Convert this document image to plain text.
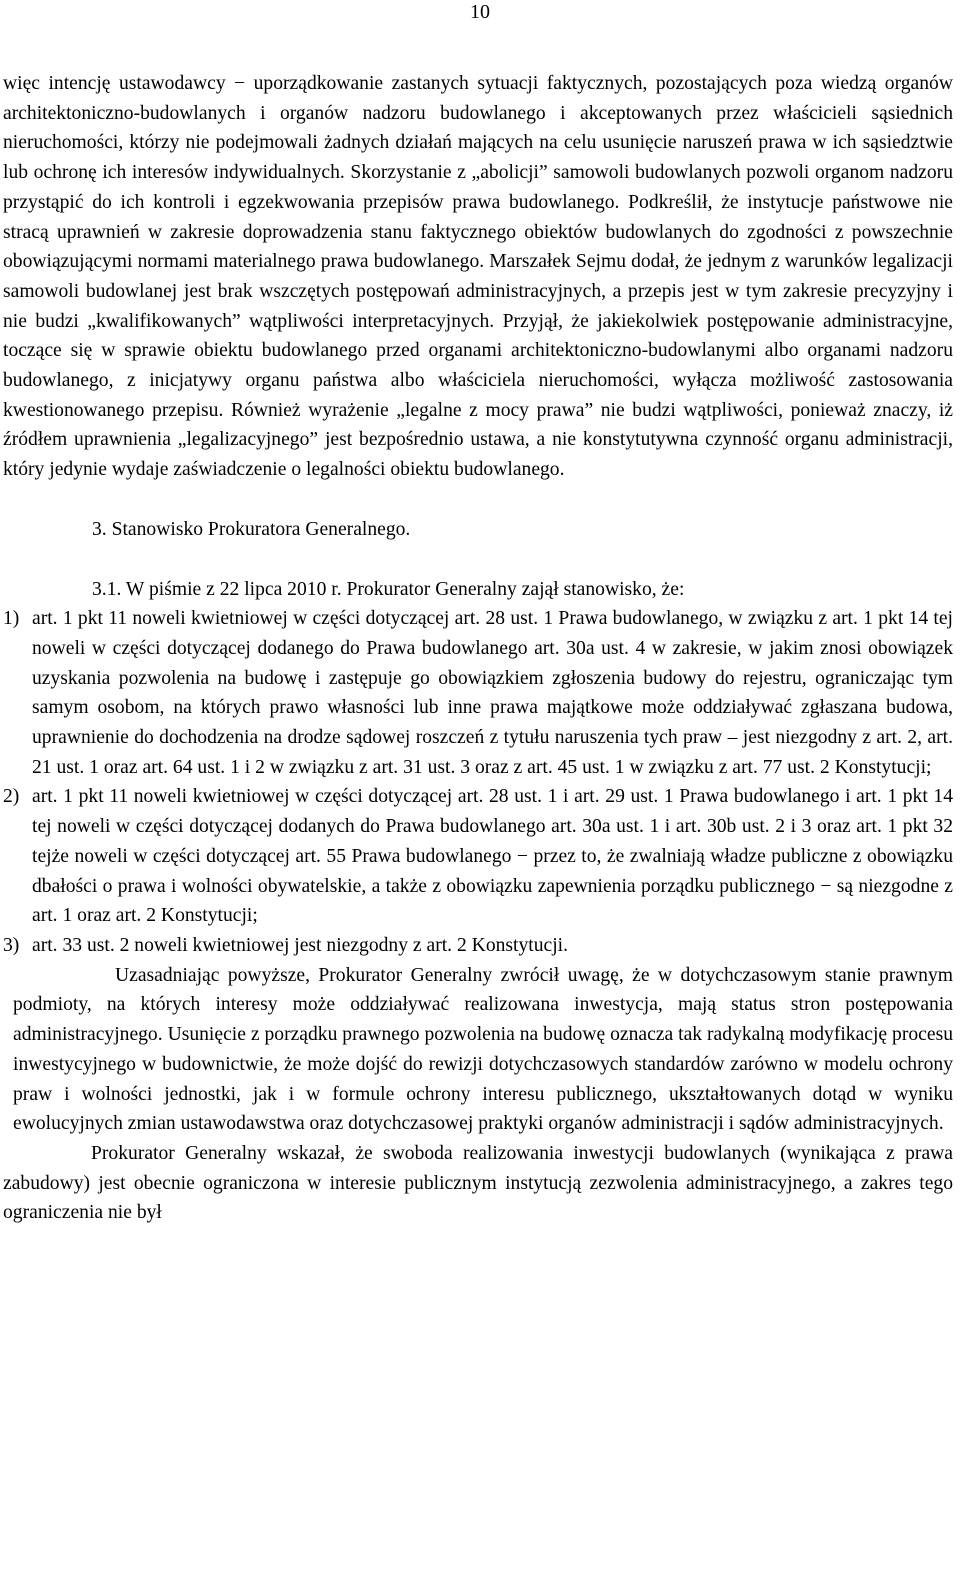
10

więc intencję ustawodawcy − uporządkowanie zastanych sytuacji faktycznych, pozostających poza wiedzą organów architektoniczno-budowlanych i organów nadzoru budowlanego i akceptowanych przez właścicieli sąsiednich nieruchomości, którzy nie podejmowali żadnych działań mających na celu usunięcie naruszeń prawa w ich sąsiedztwie lub ochronę ich interesów indywidualnych. Skorzystanie z „abolicji” samowoli budowlanych pozwoli organom nadzoru przystąpić do ich kontroli i egzekwowania przepisów prawa budowlanego. Podkreślił, że instytucje państwowe nie stracą uprawnień w zakresie doprowadzenia stanu faktycznego obiektów budowlanych do zgodności z powszechnie obowiązującymi normami materialnego prawa budowlanego. Marszałek Sejmu dodał, że jednym z warunków legalizacji samowoli budowlanej jest brak wszczętych postępowań administracyjnych, a przepis jest w tym zakresie precyzyjny i nie budzi „kwalifikowanych” wątpliwości interpretacyjnych. Przyjął, że jakiekolwiek postępowanie administracyjne, toczące się w sprawie obiektu budowlanego przed organami architektoniczno-budowlanymi albo organami nadzoru budowlanego, z inicjatywy organu państwa albo właściciela nieruchomości, wyłącza możliwość zastosowania kwestionowanego przepisu. Również wyrażenie „legalne z mocy prawa” nie budzi wątpliwości, ponieważ znaczy, iż źródłem uprawnienia „legalizacyjnego” jest bezpośrednio ustawa, a nie konstytutywna czynność organu administracji, który jedynie wydaje zaświadczenie o legalności obiektu budowlanego.

3. Stanowisko Prokuratora Generalnego.

3.1. W piśmie z 22 lipca 2010 r. Prokurator Generalny zajął stanowisko, że:

1) art. 1 pkt 11 noweli kwietniowej w części dotyczącej art. 28 ust. 1 Prawa budowlanego, w związku z art. 1 pkt 14 tej noweli w części dotyczącej dodanego do Prawa budowlanego art. 30a ust. 4 w zakresie, w jakim znosi obowiązek uzyskania pozwolenia na budowę i zastępuje go obowiązkiem zgłoszenia budowy do rejestru, ograniczając tym samym osobom, na których prawo własności lub inne prawa majątkowe może oddziaływać zgłaszana budowa, uprawnienie do dochodzenia na drodze sądowej roszczeń z tytułu naruszenia tych praw – jest niezgodny z art. 2, art. 21 ust. 1 oraz art. 64 ust. 1 i 2 w związku z art. 31 ust. 3 oraz z art. 45 ust. 1 w związku z art. 77 ust. 2 Konstytucji;
2) art. 1 pkt 11 noweli kwietniowej w części dotyczącej art. 28 ust. 1 i art. 29 ust. 1 Prawa budowlanego i art. 1 pkt 14 tej noweli w części dotyczącej dodanych do Prawa budowlanego art. 30a ust. 1 i art. 30b ust. 2 i 3 oraz art. 1 pkt 32 tejże noweli w części dotyczącej art. 55 Prawa budowlanego − przez to, że zwalniają władze publiczne z obowiązku dbałości o prawa i wolności obywatelskie, a także z obowiązku zapewnienia porządku publicznego − są niezgodne z art. 1 oraz art. 2 Konstytucji;
3) art. 33 ust. 2 noweli kwietniowej jest niezgodny z art. 2 Konstytucji.

Uzasadniając powyższe, Prokurator Generalny zwrócił uwagę, że w dotychczasowym stanie prawnym podmioty, na których interesy może oddziaływać realizowana inwestycja, mają status stron postępowania administracyjnego. Usunięcie z porządku prawnego pozwolenia na budowę oznacza tak radykalną modyfikację procesu inwestycyjnego w budownictwie, że może dojść do rewizji dotychczasowych standardów zarówno w modelu ochrony praw i wolności jednostki, jak i w formule ochrony interesu publicznego, ukształtowanych dotąd w wyniku ewolucyjnych zmian ustawodawstwa oraz dotychczasowej praktyki organów administracji i sądów administracyjnych.

Prokurator Generalny wskazał, że swoboda realizowania inwestycji budowlanych (wynikająca z prawa zabudowy) jest obecnie ograniczona w interesie publicznym instytucją zezwolenia administracyjnego, a zakres tego ograniczenia nie był
